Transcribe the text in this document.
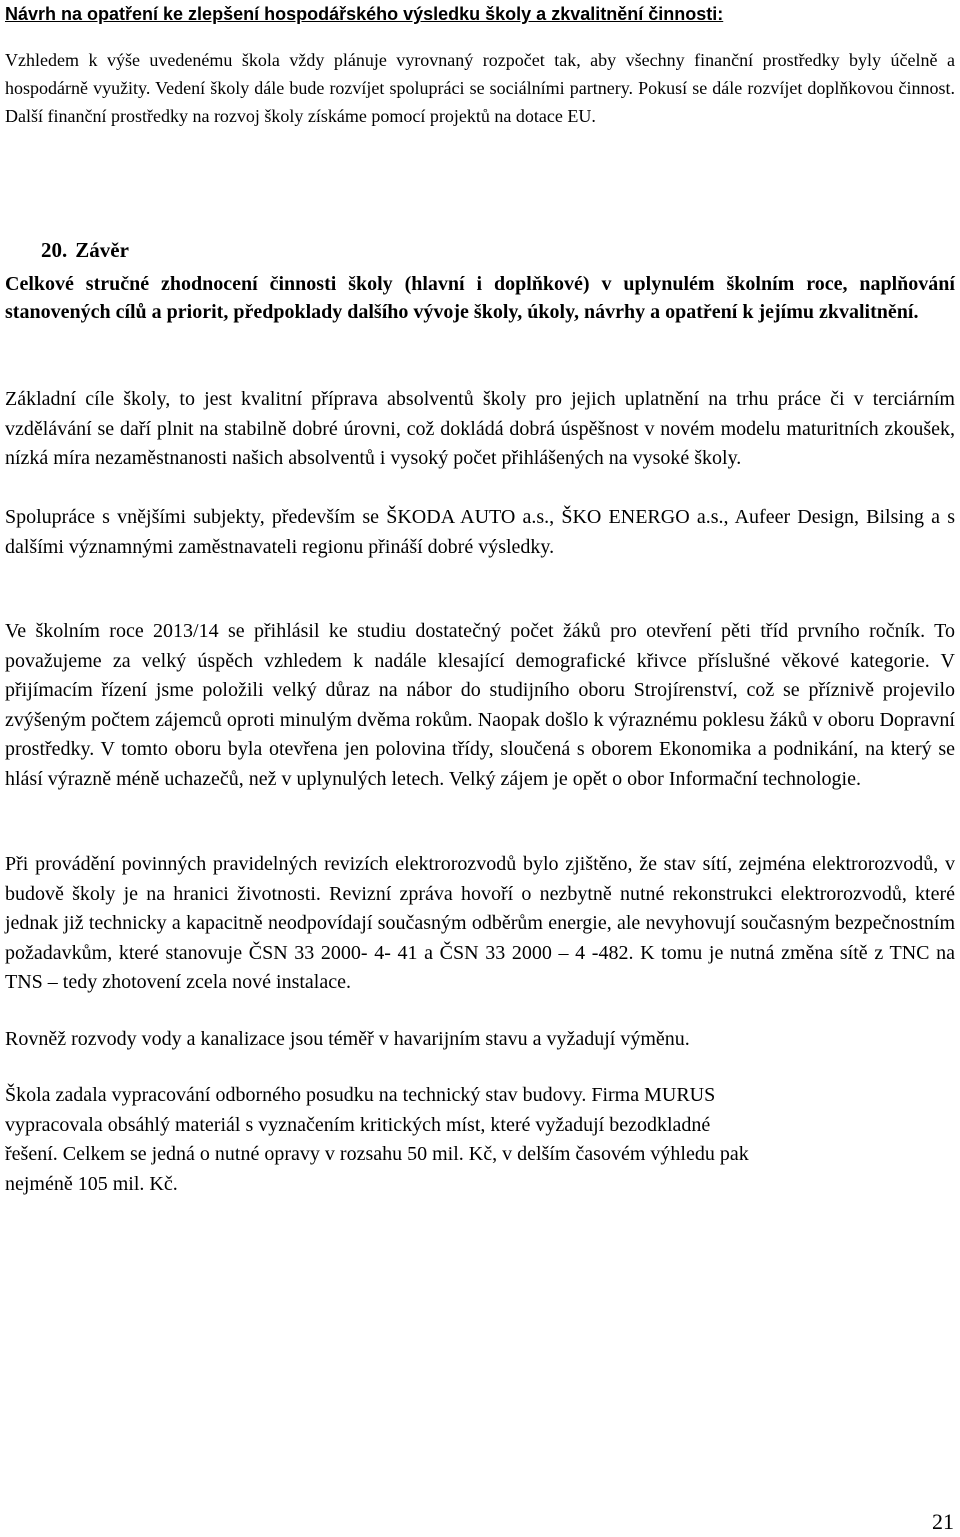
Návrh na opatření ke zlepšení hospodářského výsledku školy a zkvalitnění činnosti:

Vzhledem k výše uvedenému škola vždy plánuje vyrovnaný rozpočet tak, aby všechny finanční prostředky byly účelně a hospodárně využity. Vedení školy dále bude rozvíjet spolupráci se sociálními partnery. Pokusí se dále rozvíjet doplňkovou činnost. Další finanční prostředky na rozvoj školy získáme pomocí projektů na dotace EU.

20. Závěr

Celkové stručné zhodnocení činnosti školy (hlavní i doplňkové) v uplynulém školním roce, naplňování stanovených cílů a priorit, předpoklady dalšího vývoje školy, úkoly, návrhy a opatření k jejímu zkvalitnění.

Základní cíle školy, to jest kvalitní příprava absolventů školy pro jejich uplatnění na trhu práce či v terciárním vzdělávání se daří plnit na stabilně dobré úrovni, což dokládá dobrá úspěšnost v novém modelu maturitních zkoušek, nízká míra nezaměstnanosti našich absolventů i vysoký počet přihlášených na vysoké školy.

Spolupráce s vnějšími subjekty, především se ŠKODA AUTO a.s., ŠKO ENERGO a.s., Aufeer Design, Bilsing a s dalšími významnými zaměstnavateli regionu přináší dobré výsledky.

Ve školním roce 2013/14 se přihlásil ke studiu dostatečný počet žáků pro otevření pěti tříd prvního ročník. To považujeme za velký úspěch vzhledem k nadále klesající demografické křivce příslušné věkové kategorie. V přijímacím řízení jsme položili velký důraz na nábor do studijního oboru Strojírenství, což se příznivě projevilo zvýšeným počtem zájemců oproti minulým dvěma rokům. Naopak došlo k výraznému poklesu žáků v oboru Dopravní prostředky. V tomto oboru byla otevřena jen polovina třídy, sloučená s oborem Ekonomika a podnikání, na který se hlásí výrazně méně uchazečů, než v uplynulých letech. Velký zájem je opět o obor Informační technologie.

Při provádění povinných pravidelných revizích elektrorozvodů bylo zjištěno, že stav sítí, zejména elektrorozvodů, v budově školy je na hranici životnosti. Revizní zpráva hovoří o nezbytně nutné rekonstrukci elektrorozvodů, které jednak již technicky a kapacitně neodpovídají současným odběrům energie, ale nevyhovují současným bezpečnostním požadavkům, které stanovuje ČSN 33 2000- 4- 41 a ČSN 33 2000 – 4 -482. K tomu je nutná změna sítě z TNC na TNS – tedy zhotovení zcela nové instalace.

Rovněž rozvody vody a kanalizace jsou téměř v havarijním stavu a vyžadují výměnu.

Škola zadala vypracování odborného posudku na technický stav budovy. Firma MURUS
vypracovala obsáhlý materiál s vyznačením kritických míst, které vyžadují bezodkladné
řešení. Celkem se jedná o nutné opravy v rozsahu 50 mil. Kč, v delším časovém výhledu pak
nejméně 105 mil. Kč.
21
